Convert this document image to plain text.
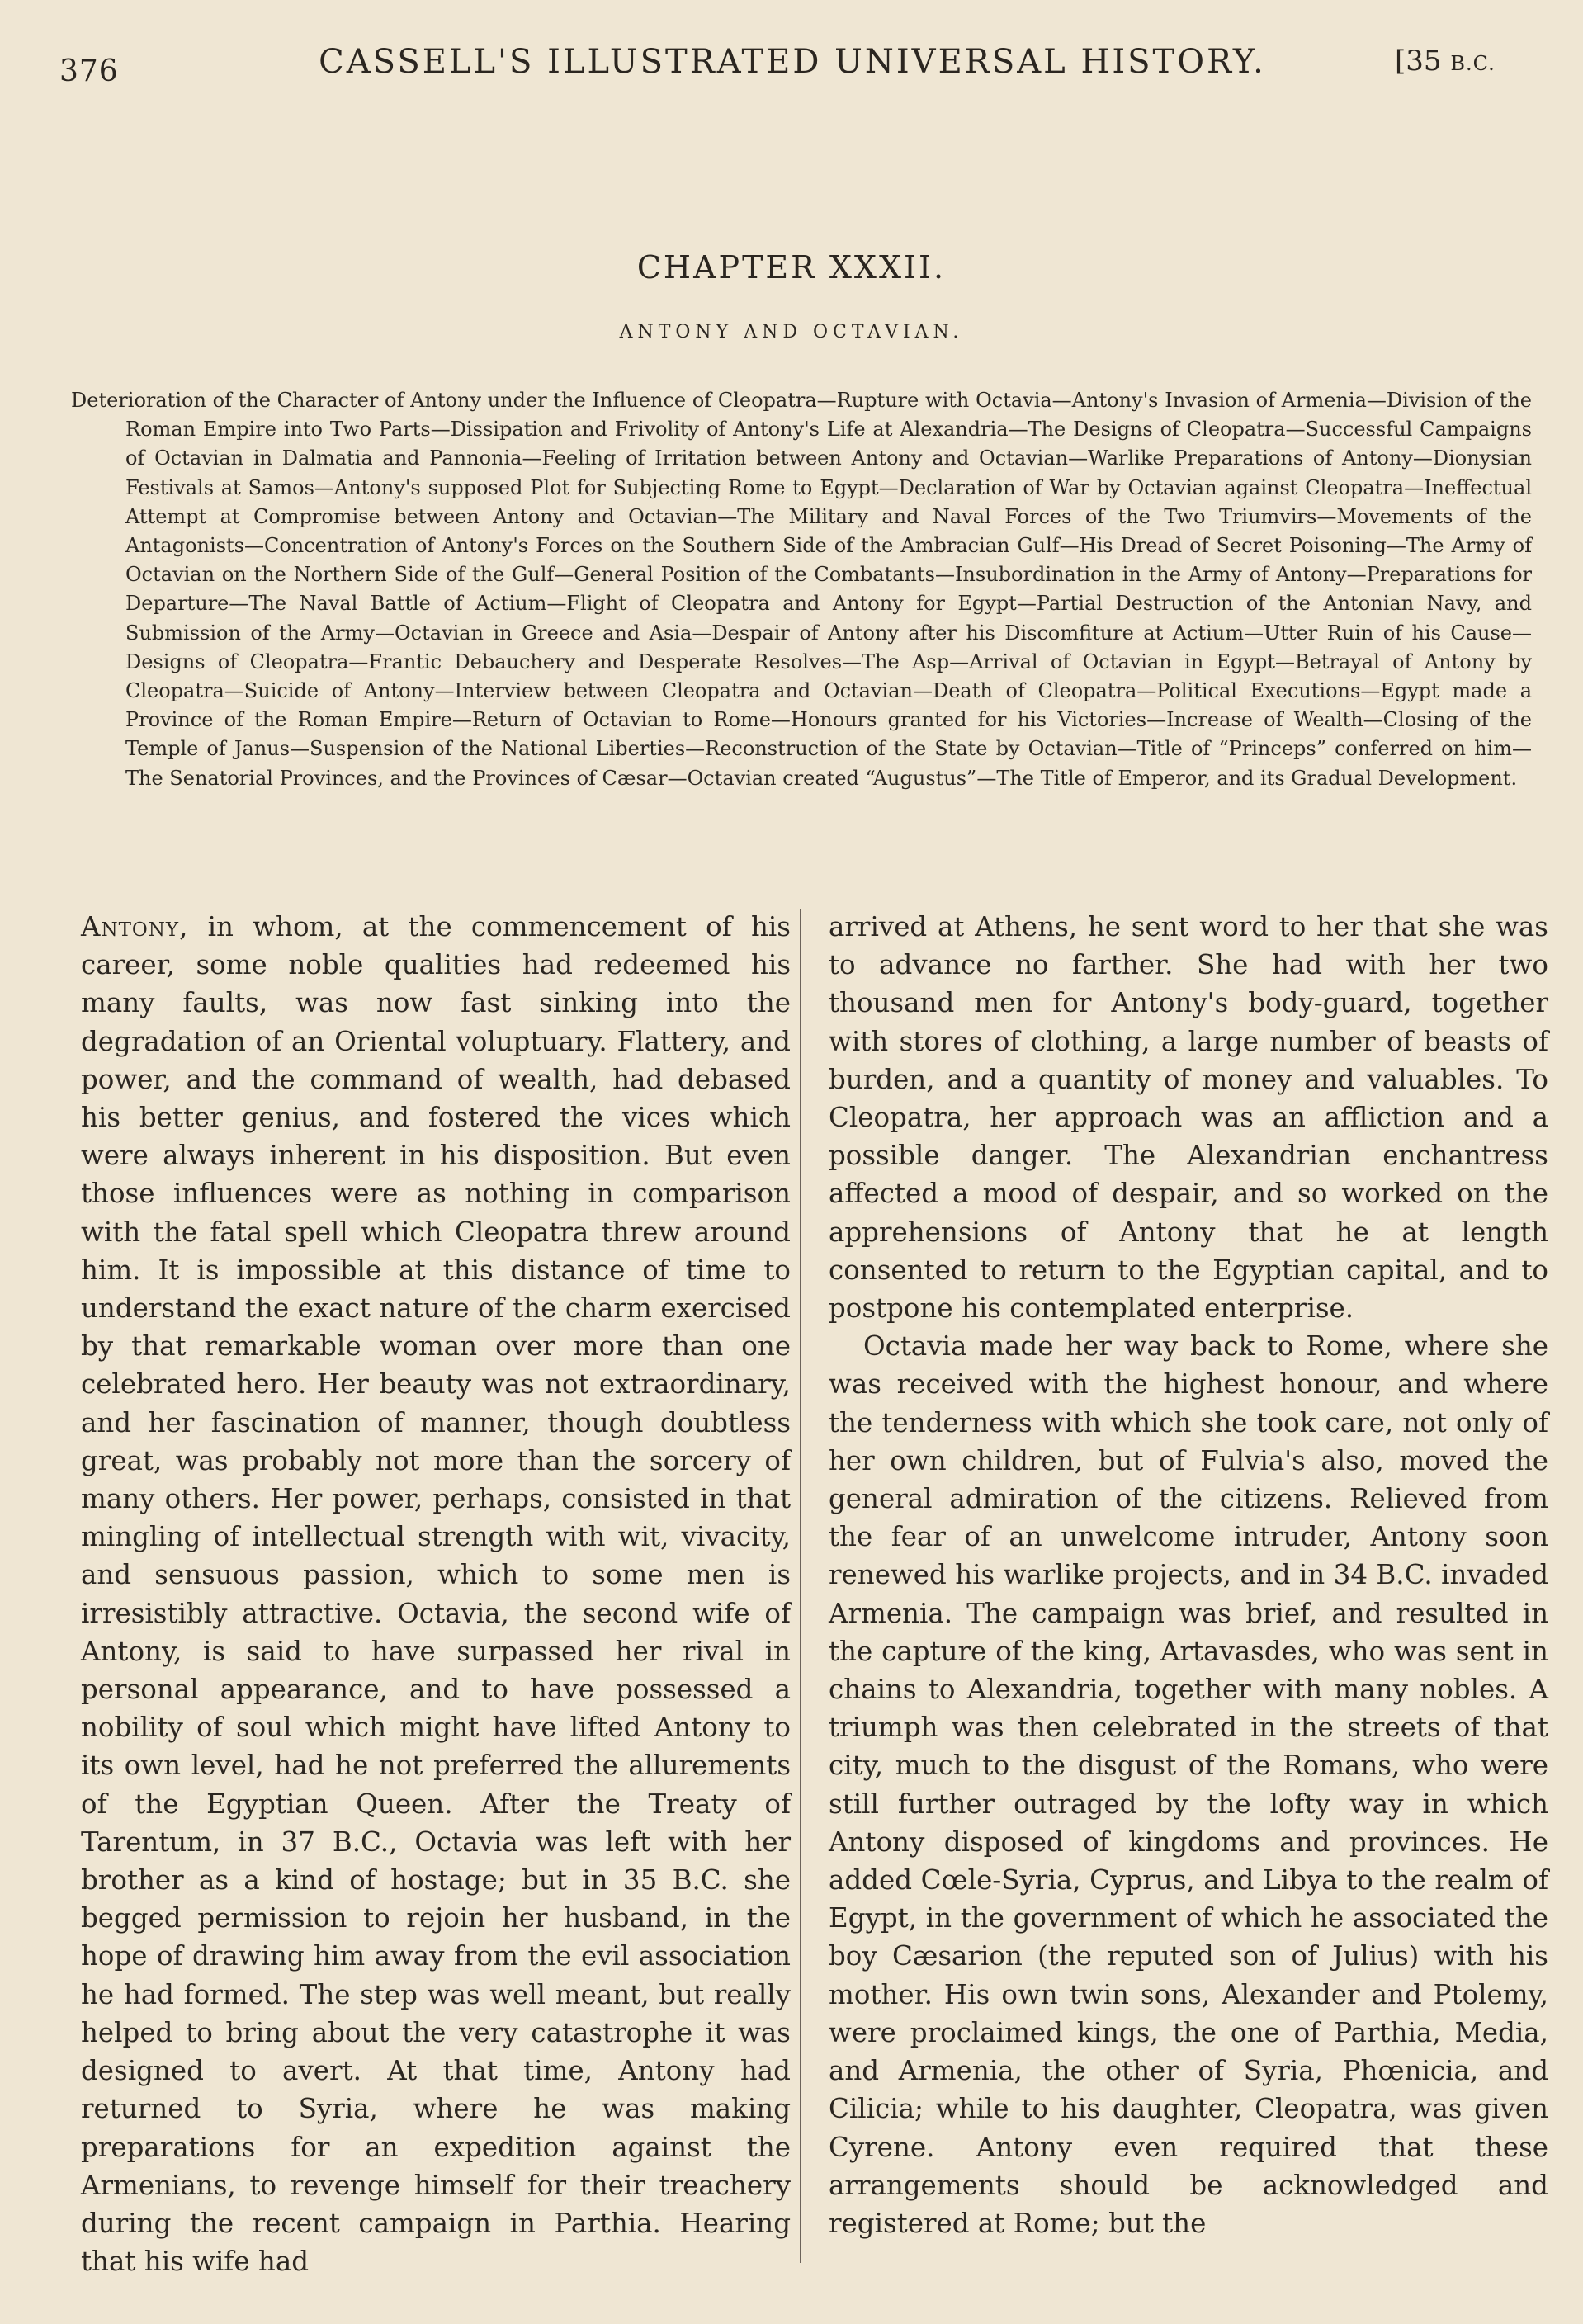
376	CASSELL'S ILLUSTRATED UNIVERSAL HISTORY.	[35 B.C.
CHAPTER XXXII.
ANTONY AND OCTAVIAN.
Deterioration of the Character of Antony under the Influence of Cleopatra—Rupture with Octavia—Antony's Invasion of Armenia—Division of the Roman Empire into Two Parts—Dissipation and Frivolity of Antony's Life at Alexandria—The Designs of Cleopatra—Successful Campaigns of Octavian in Dalmatia and Pannonia—Feeling of Irritation between Antony and Octavian—Warlike Preparations of Antony—Dionysian Festivals at Samos—Antony's supposed Plot for Subjecting Rome to Egypt—Declaration of War by Octavian against Cleopatra—Ineffectual Attempt at Compromise between Antony and Octavian—The Military and Naval Forces of the Two Triumvirs—Movements of the Antagonists—Concentration of Antony's Forces on the Southern Side of the Ambracian Gulf—His Dread of Secret Poisoning—The Army of Octavian on the Northern Side of the Gulf—General Position of the Combatants—Insubordination in the Army of Antony—Preparations for Departure—The Naval Battle of Actium—Flight of Cleopatra and Antony for Egypt—Partial Destruction of the Antonian Navy, and Submission of the Army—Octavian in Greece and Asia—Despair of Antony after his Discomfiture at Actium—Utter Ruin of his Cause—Designs of Cleopatra—Frantic Debauchery and Desperate Resolves—The Asp—Arrival of Octavian in Egypt—Betrayal of Antony by Cleopatra—Suicide of Antony—Interview between Cleopatra and Octavian—Death of Cleopatra—Political Executions—Egypt made a Province of the Roman Empire—Return of Octavian to Rome—Honours granted for his Victories—Increase of Wealth—Closing of the Temple of Janus—Suspension of the National Liberties—Reconstruction of the State by Octavian—Title of “Princeps” conferred on him—The Senatorial Provinces, and the Provinces of Cæsar—Octavian created “Augustus”—The Title of Emperor, and its Gradual Development.

Antony, in whom, at the commencement of his career, some noble qualities had redeemed his many faults, was now fast sinking into the degradation of an Oriental voluptuary. Flattery, and power, and the command of wealth, had debased his better genius, and fostered the vices which were always inherent in his disposition. But even those influences were as nothing in comparison with the fatal spell which Cleopatra threw around him. It is impossible at this distance of time to understand the exact nature of the charm exercised by that remarkable woman over more than one celebrated hero. Her beauty was not extraordinary, and her fascination of manner, though doubtless great, was probably not more than the sorcery of many others. Her power, perhaps, consisted in that mingling of intellectual strength with wit, vivacity, and sensuous passion, which to some men is irresistibly attractive. Octavia, the second wife of Antony, is said to have surpassed her rival in personal appearance, and to have possessed a nobility of soul which might have lifted Antony to its own level, had he not preferred the allurements of the Egyptian Queen. After the Treaty of Tarentum, in 37 B.C., Octavia was left with her brother as a kind of hostage; but in 35 B.C. she begged permission to rejoin her husband, in the hope of drawing him away from the evil association he had formed. The step was well meant, but really helped to bring about the very catastrophe it was designed to avert. At that time, Antony had returned to Syria, where he was making preparations for an expedition against the Armenians, to revenge himself for their treachery during the recent campaign in Parthia. Hearing that his wife had

arrived at Athens, he sent word to her that she was to advance no farther. She had with her two thousand men for Antony's body-guard, together with stores of clothing, a large number of beasts of burden, and a quantity of money and valuables. To Cleopatra, her approach was an affliction and a possible danger. The Alexandrian enchantress affected a mood of despair, and so worked on the apprehensions of Antony that he at length consented to return to the Egyptian capital, and to postpone his contemplated enterprise.

Octavia made her way back to Rome, where she was received with the highest honour, and where the tenderness with which she took care, not only of her own children, but of Fulvia's also, moved the general admiration of the citizens. Relieved from the fear of an unwelcome intruder, Antony soon renewed his warlike projects, and in 34 B.C. invaded Armenia. The campaign was brief, and resulted in the capture of the king, Artavasdes, who was sent in chains to Alexandria, together with many nobles. A triumph was then celebrated in the streets of that city, much to the disgust of the Romans, who were still further outraged by the lofty way in which Antony disposed of kingdoms and provinces. He added Cœle-Syria, Cyprus, and Libya to the realm of Egypt, in the government of which he associated the boy Cæsarion (the reputed son of Julius) with his mother. His own twin sons, Alexander and Ptolemy, were proclaimed kings, the one of Parthia, Media, and Armenia, the other of Syria, Phœnicia, and Cilicia; while to his daughter, Cleopatra, was given Cyrene. Antony even required that these arrangements should be acknowledged and registered at Rome; but the
